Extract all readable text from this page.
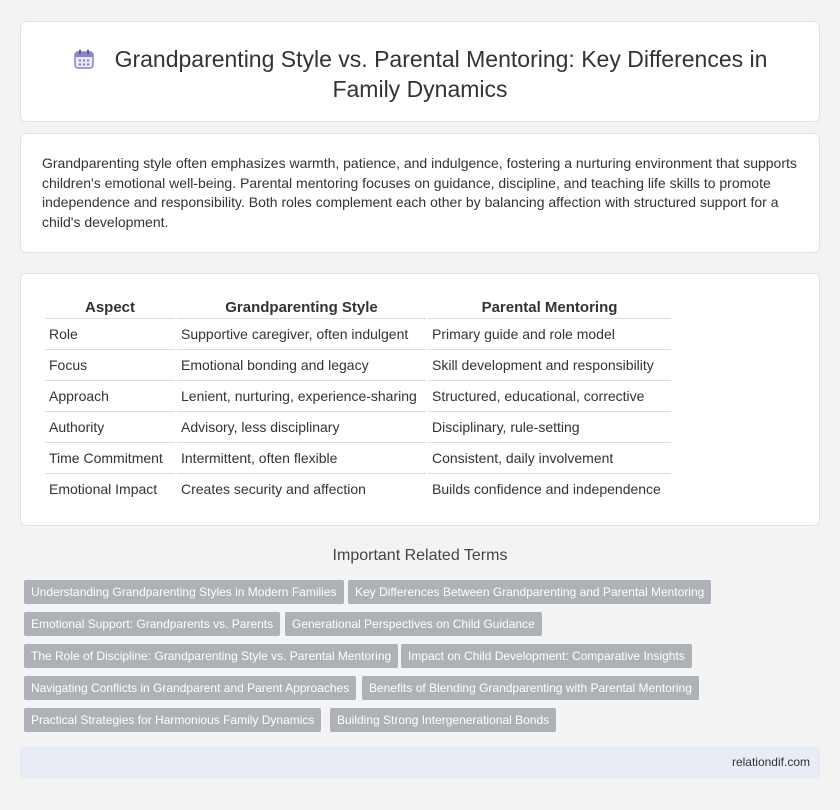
Grandparenting Style vs. Parental Mentoring: Key Differences in Family Dynamics

Grandparenting style often emphasizes warmth, patience, and indulgence, fostering a nurturing environment that supports children's emotional well-being. Parental mentoring focuses on guidance, discipline, and teaching life skills to promote independence and responsibility. Both roles complement each other by balancing affection with structured support for a child's development.

Aspect	Grandparenting Style	Parental Mentoring
Role	Supportive caregiver, often indulgent	Primary guide and role model
Focus	Emotional bonding and legacy	Skill development and responsibility
Approach	Lenient, nurturing, experience-sharing	Structured, educational, corrective
Authority	Advisory, less disciplinary	Disciplinary, rule-setting
Time Commitment	Intermittent, often flexible	Consistent, daily involvement
Emotional Impact	Creates security and affection	Builds confidence and independence
Important Related Terms
Understanding Grandparenting Styles in Modern Families	Key Differences Between Grandparenting and Parental Mentoring
Emotional Support: Grandparents vs. Parents	Generational Perspectives on Child Guidance
The Role of Discipline: Grandparenting Style vs. Parental Mentoring	Impact on Child Development: Comparative Insights
Navigating Conflicts in Grandparent and Parent Approaches	Benefits of Blending Grandparenting with Parental Mentoring
Practical Strategies for Harmonious Family Dynamics	Building Strong Intergenerational Bonds
relationdif.com
